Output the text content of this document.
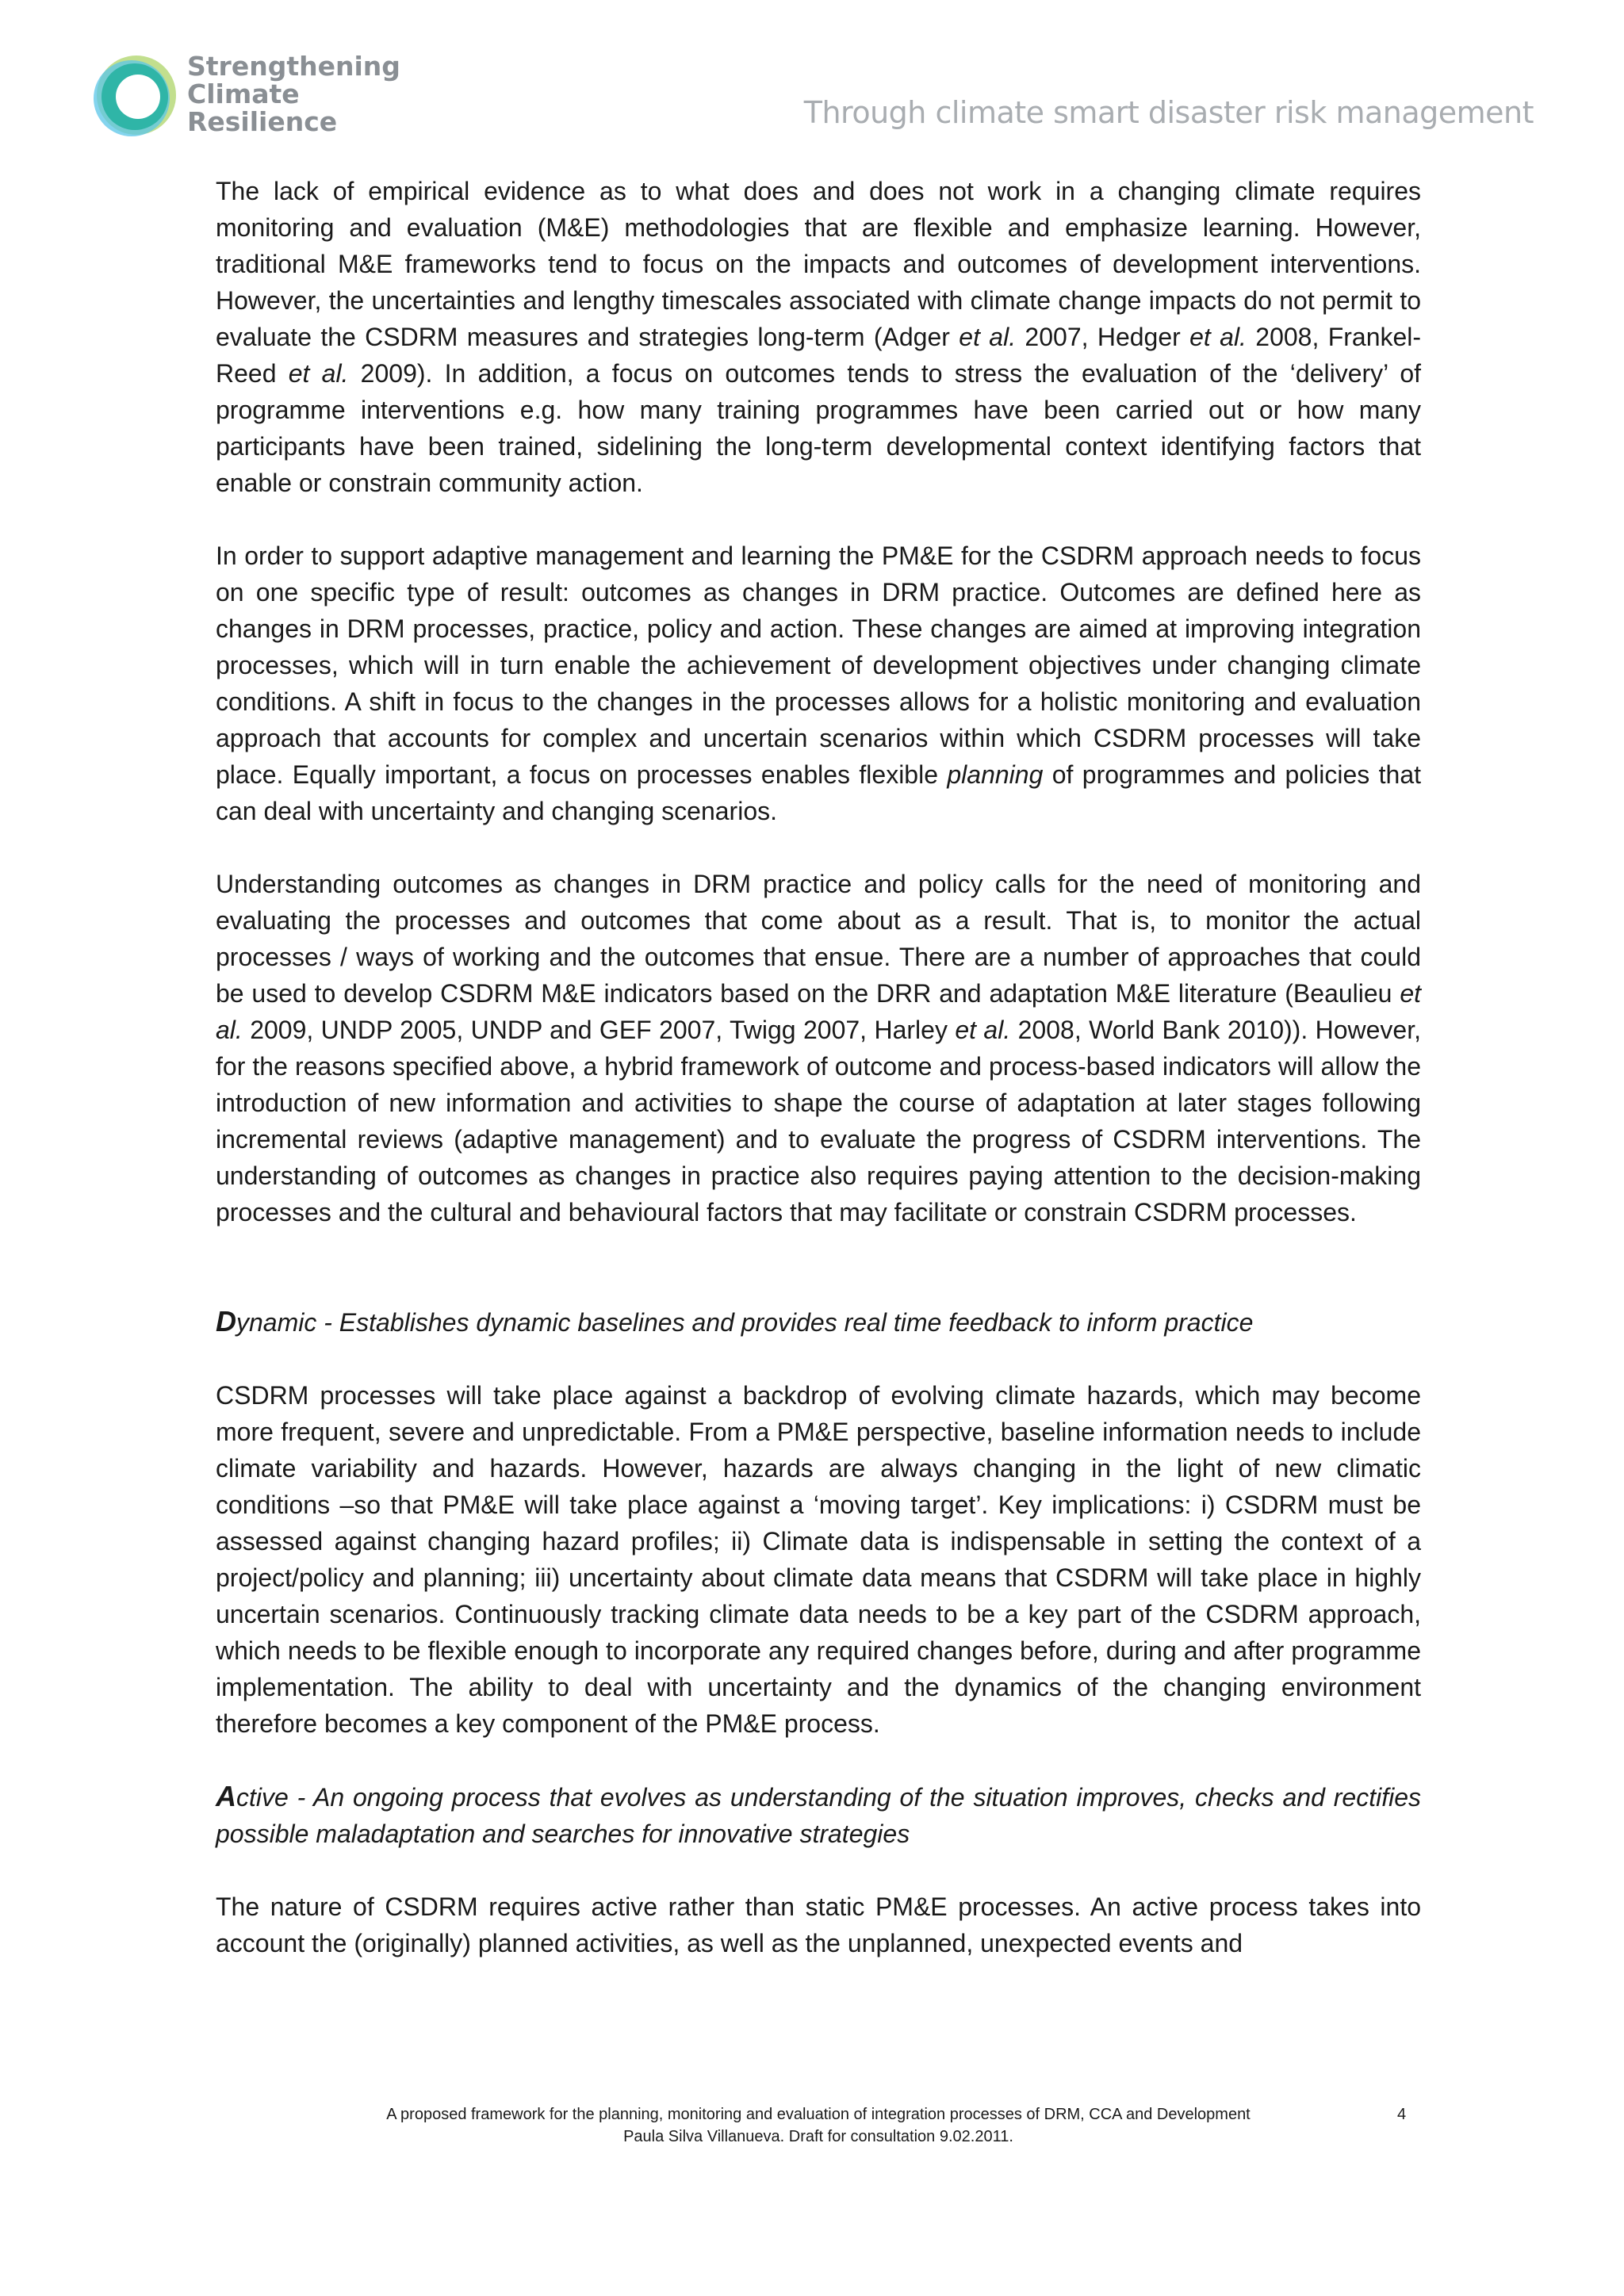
Strengthening
Climate
Resilience	Through climate smart disaster risk management

The lack of empirical evidence as to what does and does not work in a changing climate requires monitoring and evaluation (M&E) methodologies that are flexible and emphasize learning. However, traditional M&E frameworks tend to focus on the impacts and outcomes of development interventions. However, the uncertainties and lengthy timescales associated with climate change impacts do not permit to evaluate the CSDRM measures and strategies long-term (Adger et al. 2007, Hedger et al. 2008, Frankel-Reed et al. 2009). In addition, a focus on outcomes tends to stress the evaluation of the ‘delivery’ of programme interventions e.g. how many training programmes have been carried out or how many participants have been trained, sidelining the long-term developmental context identifying factors that enable or constrain community action.

In order to support adaptive management and learning the PM&E for the CSDRM approach needs to focus on one specific type of result: outcomes as changes in DRM practice. Outcomes are defined here as changes in DRM processes, practice, policy and action. These changes are aimed at improving integration processes, which will in turn enable the achievement of development objectives under changing climate conditions. A shift in focus to the changes in the processes allows for a holistic monitoring and evaluation approach that accounts for complex and uncertain scenarios within which CSDRM processes will take place. Equally important, a focus on processes enables flexible planning of programmes and policies that can deal with uncertainty and changing scenarios.

Understanding outcomes as changes in DRM practice and policy calls for the need of monitoring and evaluating the processes and outcomes that come about as a result. That is, to monitor the actual processes / ways of working and the outcomes that ensue. There are a number of approaches that could be used to develop CSDRM M&E indicators based on the DRR and adaptation M&E literature (Beaulieu et al. 2009, UNDP 2005, UNDP and GEF 2007, Twigg 2007, Harley et al. 2008, World Bank 2010)). However, for the reasons specified above, a hybrid framework of outcome and process-based indicators will allow the introduction of new information and activities to shape the course of adaptation at later stages following incremental reviews (adaptive management) and to evaluate the progress of CSDRM interventions. The understanding of outcomes as changes in practice also requires paying attention to the decision-making processes and the cultural and behavioural factors that may facilitate or constrain CSDRM processes.

Dynamic - Establishes dynamic baselines and provides real time feedback to inform practice

CSDRM processes will take place against a backdrop of evolving climate hazards, which may become more frequent, severe and unpredictable. From a PM&E perspective, baseline information needs to include climate variability and hazards. However, hazards are always changing in the light of new climatic conditions –so that PM&E will take place against a ‘moving target’. Key implications: i) CSDRM must be assessed against changing hazard profiles; ii) Climate data is indispensable in setting the context of a project/policy and planning; iii) uncertainty about climate data means that CSDRM will take place in highly uncertain scenarios. Continuously tracking climate data needs to be a key part of the CSDRM approach, which needs to be flexible enough to incorporate any required changes before, during and after programme implementation. The ability to deal with uncertainty and the dynamics of the changing environment therefore becomes a key component of the PM&E process.

Active - An ongoing process that evolves as understanding of the situation improves, checks and rectifies possible maladaptation and searches for innovative strategies

The nature of CSDRM requires active rather than static PM&E processes. An active process takes into account the (originally) planned activities, as well as the unplanned, unexpected events and

A proposed framework for the planning, monitoring and evaluation of integration processes of DRM, CCA and Development
Paula Silva Villanueva. Draft for consultation 9.02.2011.
4
